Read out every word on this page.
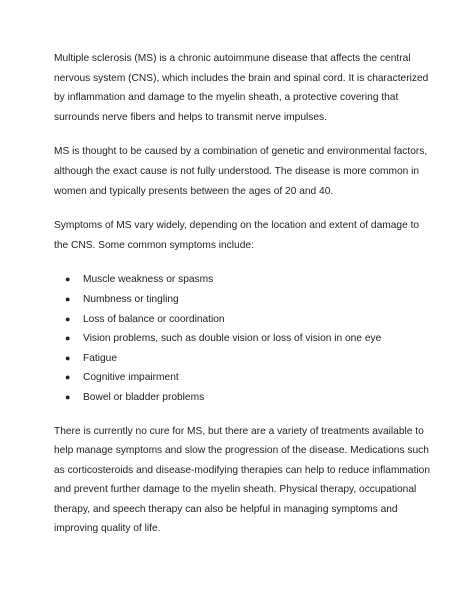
Multiple sclerosis (MS) is a chronic autoimmune disease that affects the central nervous system (CNS), which includes the brain and spinal cord. It is characterized by inflammation and damage to the myelin sheath, a protective covering that surrounds nerve fibers and helps to transmit nerve impulses.

MS is thought to be caused by a combination of genetic and environmental factors, although the exact cause is not fully understood. The disease is more common in women and typically presents between the ages of 20 and 40.

Symptoms of MS vary widely, depending on the location and extent of damage to the CNS. Some common symptoms include:

● Muscle weakness or spasms
● Numbness or tingling
● Loss of balance or coordination
● Vision problems, such as double vision or loss of vision in one eye
● Fatigue
● Cognitive impairment
● Bowel or bladder problems

There is currently no cure for MS, but there are a variety of treatments available to help manage symptoms and slow the progression of the disease. Medications such as corticosteroids and disease-modifying therapies can help to reduce inflammation and prevent further damage to the myelin sheath. Physical therapy, occupational therapy, and speech therapy can also be helpful in managing symptoms and improving quality of life.
